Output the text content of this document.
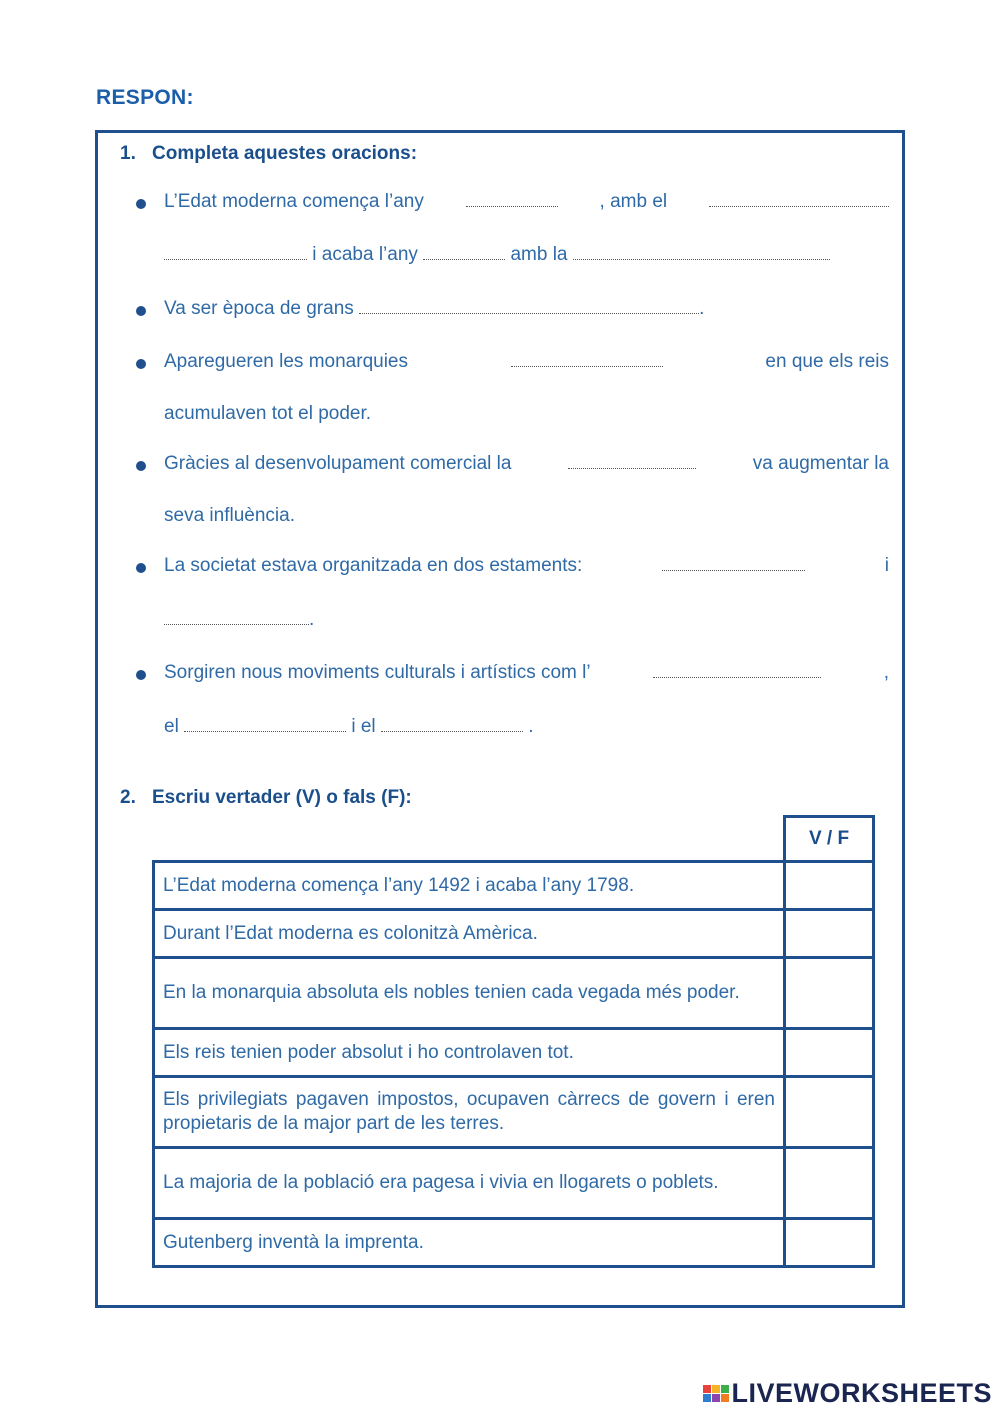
RESPON:
1. Completa aquestes oracions:
L’Edat moderna comença l’any	, amb el
i acaba l’any	amb la
Va ser època de grans	.
Aparegueren les monarquies	en que els reis
acumulaven tot el poder.
Gràcies al desenvolupament comercial la	va augmentar la
seva influència.
La societat estava organitzada en dos estaments:	i
.
Sorgiren nous moviments culturals i artístics com l’	,
el	i el	.
2. Escriu vertader (V) o fals (F):
	V / F
L’Edat moderna comença l’any 1492 i acaba l’any 1798.	
Durant l’Edat moderna es colonitzà Amèrica.	
En la monarquia absoluta els nobles tenien cada vegada més poder.	
Els reis tenien poder absolut i ho controlaven tot.	
Els privilegiats pagaven impostos, ocupaven càrrecs de govern i eren propietaris de la major part de les terres.	
La majoria de la població era pagesa i vivia en llogarets o poblets.	
Gutenberg inventà la imprenta.	
LIVEWORKSHEETS
